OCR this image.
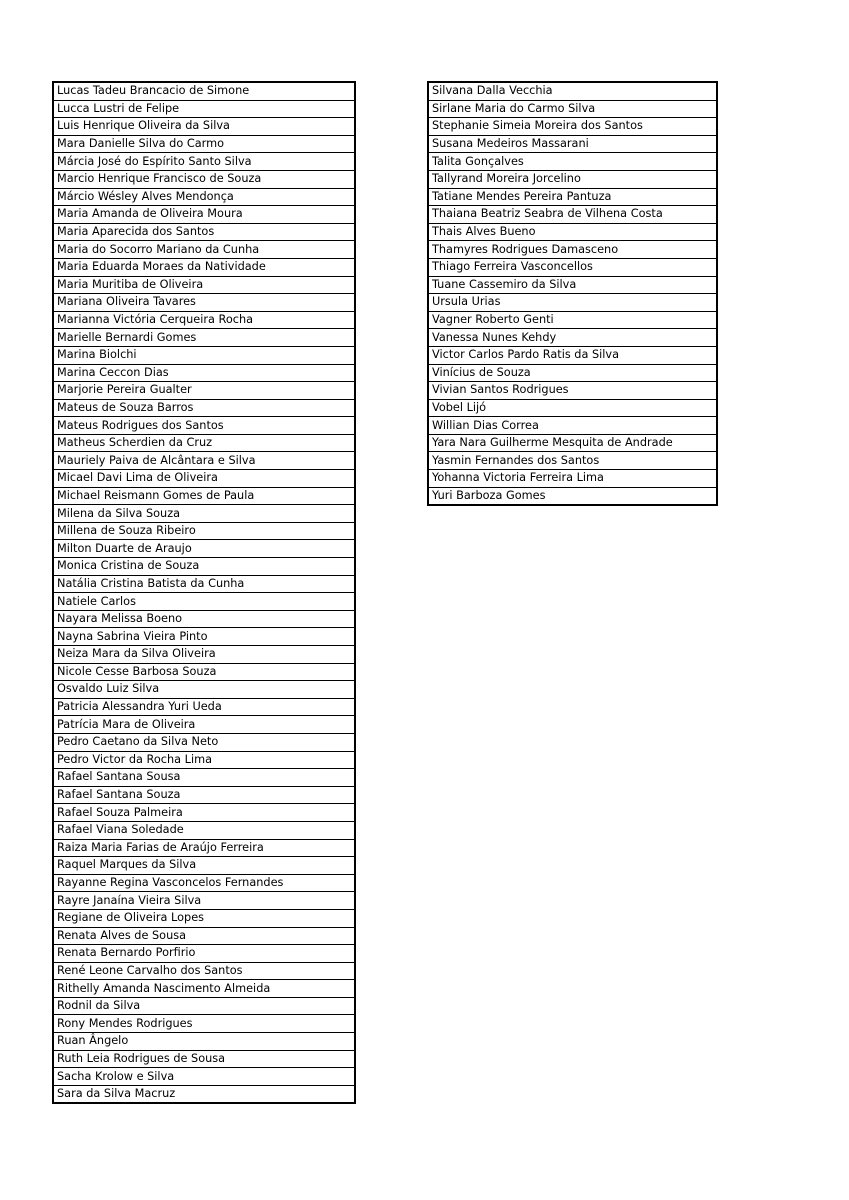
Lucas Tadeu Brancacio de Simone
Lucca Lustri de Felipe
Luis Henrique Oliveira da Silva
Mara Danielle Silva do Carmo
Márcia José do Espírito Santo Silva
Marcio Henrique Francisco de Souza
Márcio Wésley Alves Mendonça
Maria Amanda de Oliveira Moura
Maria Aparecida dos Santos
Maria do Socorro Mariano da Cunha
Maria Eduarda Moraes da Natividade
Maria Muritiba de Oliveira
Mariana Oliveira Tavares
Marianna Victória Cerqueira Rocha
Marielle Bernardi Gomes
Marina Biolchi
Marina Ceccon Dias
Marjorie Pereira Gualter
Mateus de Souza Barros
Mateus Rodrigues dos Santos
Matheus Scherdien da Cruz
Mauriely Paiva de Alcântara e Silva
Micael Davi Lima de Oliveira
Michael Reismann Gomes de Paula
Milena da Silva Souza
Millena de Souza Ribeiro
Milton Duarte de Araujo
Monica Cristina de Souza
Natália Cristina Batista da Cunha
Natiele Carlos
Nayara Melissa Boeno
Nayna Sabrina Vieira Pinto
Neiza Mara da Silva Oliveira
Nicole Cesse Barbosa Souza
Osvaldo Luiz Silva
Patricia Alessandra Yuri Ueda
Patrícia Mara de Oliveira
Pedro Caetano da Silva Neto
Pedro Victor da Rocha Lima
Rafael Santana Sousa
Rafael Santana Souza
Rafael Souza Palmeira
Rafael Viana Soledade
Raiza Maria Farias de Araújo Ferreira
Raquel Marques da Silva
Rayanne Regina Vasconcelos Fernandes
Rayre Janaína Vieira Silva
Regiane de Oliveira Lopes
Renata Alves de Sousa
Renata Bernardo Porfirio
René Leone Carvalho dos Santos
Rithelly Amanda Nascimento Almeida
Rodnil da Silva
Rony Mendes Rodrigues
Ruan Ângelo
Ruth Leia Rodrigues de Sousa
Sacha Krolow e Silva
Sara da Silva Macruz
Silvana Dalla Vecchia
Sirlane Maria do Carmo Silva
Stephanie Simeia Moreira dos Santos
Susana Medeiros Massarani
Talita Gonçalves
Tallyrand Moreira Jorcelino
Tatiane Mendes Pereira Pantuza
Thaiana Beatriz Seabra de Vilhena Costa
Thais Alves Bueno
Thamyres Rodrigues Damasceno
Thiago Ferreira Vasconcellos
Tuane Cassemiro da Silva
Ursula Urias
Vagner Roberto Genti
Vanessa Nunes Kehdy
Victor Carlos Pardo Ratis da Silva
Vinícius de Souza
Vivian Santos Rodrigues
Vobel Lijó
Willian Dias Correa
Yara Nara Guilherme Mesquita de Andrade
Yasmin Fernandes dos Santos
Yohanna Victoria Ferreira Lima
Yuri Barboza Gomes
